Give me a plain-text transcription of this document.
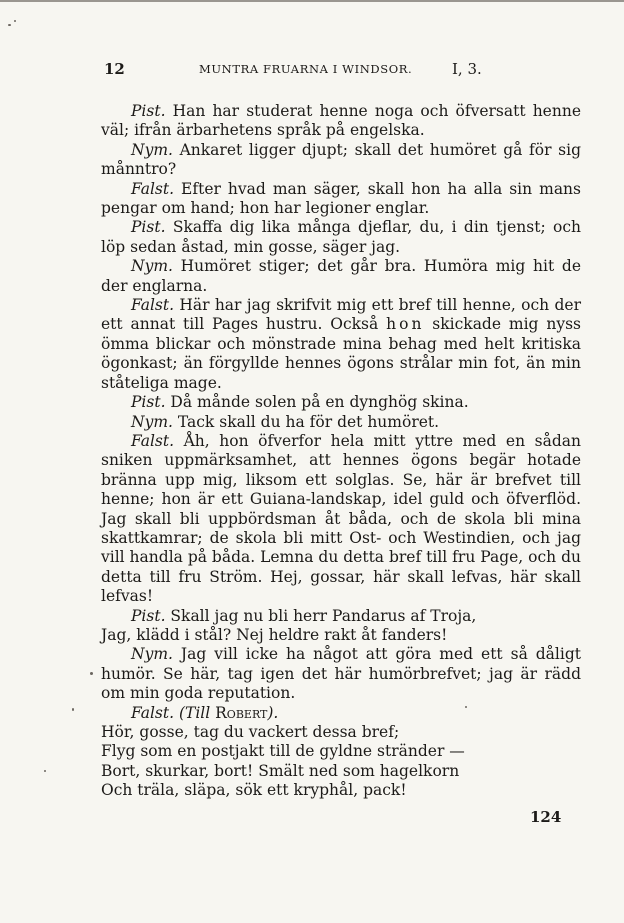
12	MUNTRA FRUARNA I WINDSOR.	I, 3.

Pist. Han har studerat henne noga och öfversatt henne väl; ifrån ärbarhetens språk på engelska.

Nym. Ankaret ligger djupt; skall det humöret gå för sig månntro?

Falst. Efter hvad man säger, skall hon ha alla sin mans pengar om hand; hon har legioner englar.

Pist. Skaffa dig lika många djeflar, du, i din tjenst; och löp sedan åstad, min gosse, säger jag.

Nym. Humöret stiger; det går bra. Humöra mig hit de der englarna.

Falst. Här har jag skrifvit mig ett bref till henne, och der ett annat till Pages hustru. Också hon skickade mig nyss ömma blickar och mönstrade mina behag med helt kritiska ögonkast; än förgyllde hennes ögons strålar min fot, än min ståteliga mage.

Pist. Då månde solen på en dynghög skina.

Nym. Tack skall du ha för det humöret.

Falst. Åh, hon öfverfor hela mitt yttre med en sådan sniken uppmärksamhet, att hennes ögons begär hotade bränna upp mig, liksom ett solglas. Se, här är brefvet till henne; hon är ett Guiana-landskap, idel guld och öfverflöd. Jag skall bli uppbördsman åt båda, och de skola bli mina skattkamrar; de skola bli mitt Ost- och Westindien, och jag vill handla på båda. Lemna du detta bref till fru Page, och du detta till fru Ström. Hej, gossar, här skall lefvas, här skall lefvas!

Pist. Skall jag nu bli herr Pandarus af Troja,

Jag, klädd i stål? Nej heldre rakt åt fanders!

Nym. Jag vill icke ha något att göra med ett så dåligt humör. Se här, tag igen det här humörbrefvet; jag är rädd om min goda reputation.

Falst. (Till Robert).

Hör, gosse, tag du vackert dessa bref;

Flyg som en postjakt till de gyldne stränder —

Bort, skurkar, bort! Smält ned som hagelkorn

Och träla, släpa, sök ett kryphål, pack!

124
